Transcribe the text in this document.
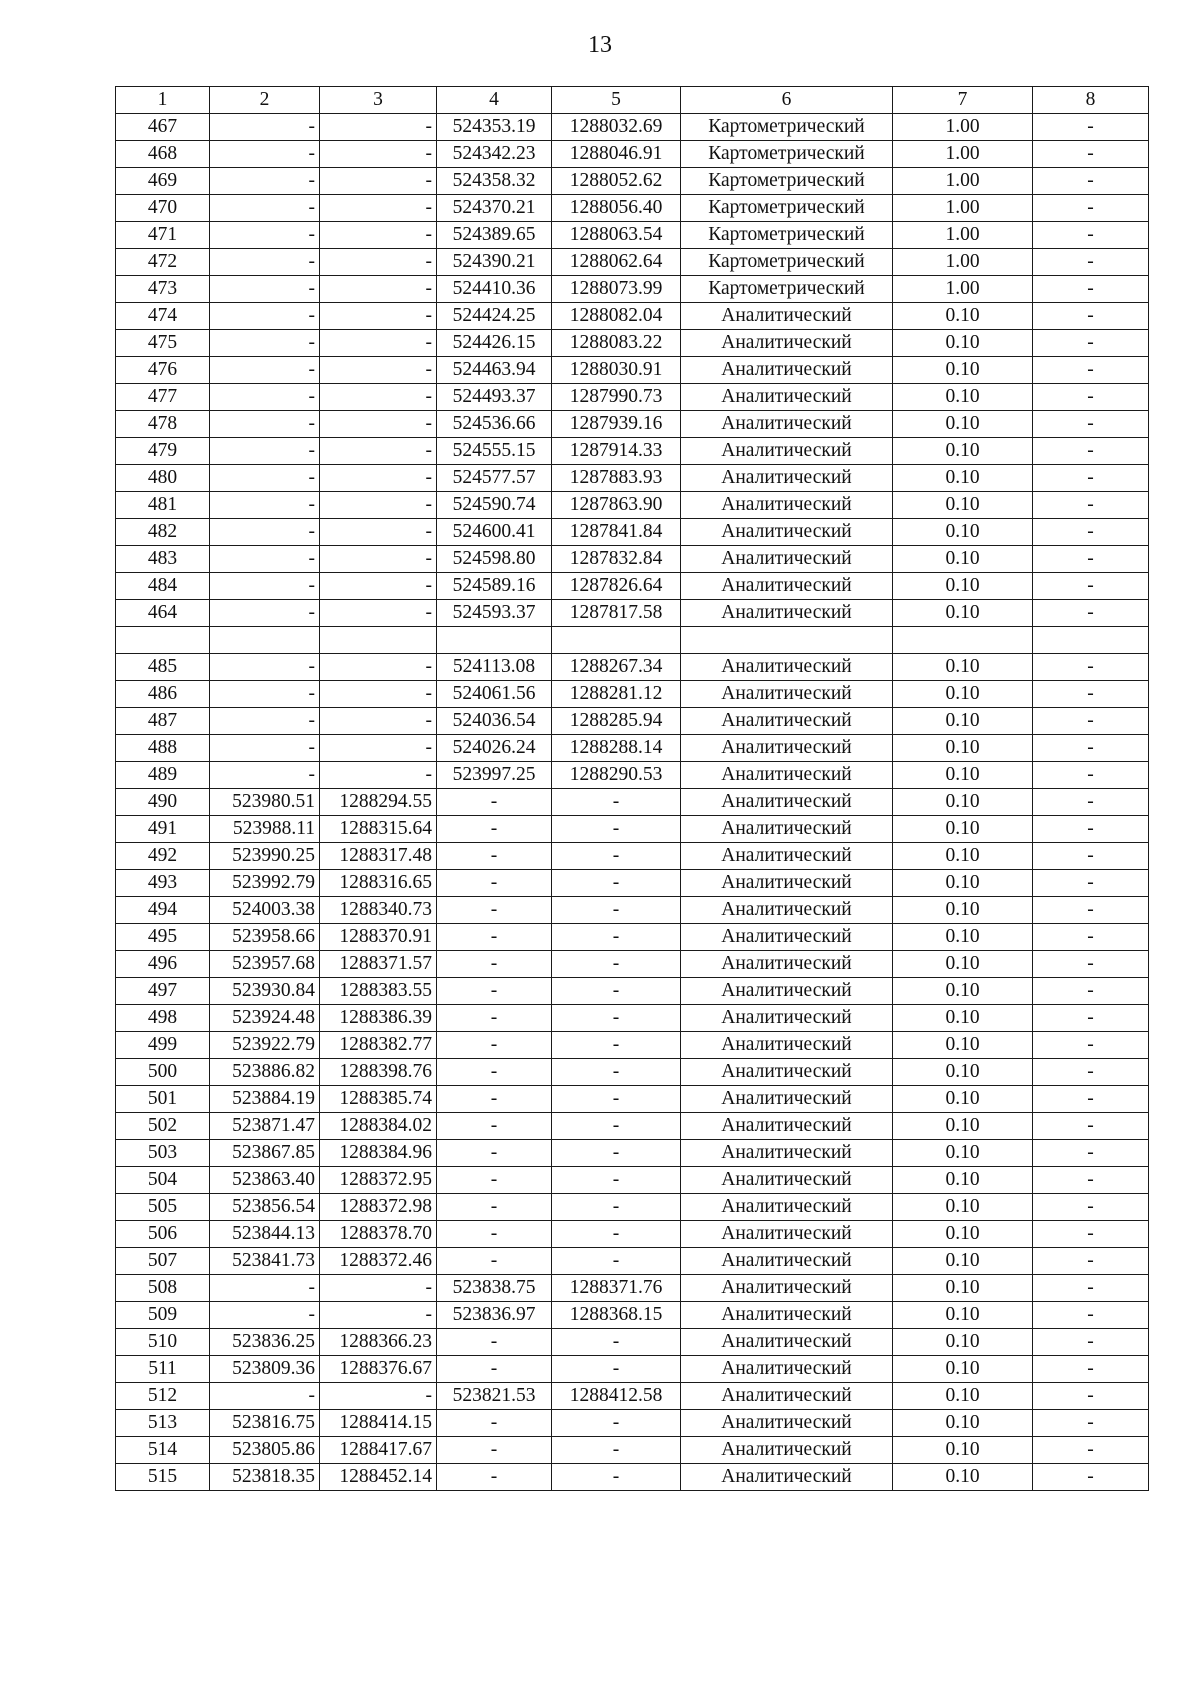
13
1	2	3	4	5	6	7	8
467	-	-	524353.19	1288032.69	Картометрический	1.00	-
468	-	-	524342.23	1288046.91	Картометрический	1.00	-
469	-	-	524358.32	1288052.62	Картометрический	1.00	-
470	-	-	524370.21	1288056.40	Картометрический	1.00	-
471	-	-	524389.65	1288063.54	Картометрический	1.00	-
472	-	-	524390.21	1288062.64	Картометрический	1.00	-
473	-	-	524410.36	1288073.99	Картометрический	1.00	-
474	-	-	524424.25	1288082.04	Аналитический	0.10	-
475	-	-	524426.15	1288083.22	Аналитический	0.10	-
476	-	-	524463.94	1288030.91	Аналитический	0.10	-
477	-	-	524493.37	1287990.73	Аналитический	0.10	-
478	-	-	524536.66	1287939.16	Аналитический	0.10	-
479	-	-	524555.15	1287914.33	Аналитический	0.10	-
480	-	-	524577.57	1287883.93	Аналитический	0.10	-
481	-	-	524590.74	1287863.90	Аналитический	0.10	-
482	-	-	524600.41	1287841.84	Аналитический	0.10	-
483	-	-	524598.80	1287832.84	Аналитический	0.10	-
484	-	-	524589.16	1287826.64	Аналитический	0.10	-
464	-	-	524593.37	1287817.58	Аналитический	0.10	-

485	-	-	524113.08	1288267.34	Аналитический	0.10	-
486	-	-	524061.56	1288281.12	Аналитический	0.10	-
487	-	-	524036.54	1288285.94	Аналитический	0.10	-
488	-	-	524026.24	1288288.14	Аналитический	0.10	-
489	-	-	523997.25	1288290.53	Аналитический	0.10	-
490	523980.51	1288294.55	-	-	Аналитический	0.10	-
491	523988.11	1288315.64	-	-	Аналитический	0.10	-
492	523990.25	1288317.48	-	-	Аналитический	0.10	-
493	523992.79	1288316.65	-	-	Аналитический	0.10	-
494	524003.38	1288340.73	-	-	Аналитический	0.10	-
495	523958.66	1288370.91	-	-	Аналитический	0.10	-
496	523957.68	1288371.57	-	-	Аналитический	0.10	-
497	523930.84	1288383.55	-	-	Аналитический	0.10	-
498	523924.48	1288386.39	-	-	Аналитический	0.10	-
499	523922.79	1288382.77	-	-	Аналитический	0.10	-
500	523886.82	1288398.76	-	-	Аналитический	0.10	-
501	523884.19	1288385.74	-	-	Аналитический	0.10	-
502	523871.47	1288384.02	-	-	Аналитический	0.10	-
503	523867.85	1288384.96	-	-	Аналитический	0.10	-
504	523863.40	1288372.95	-	-	Аналитический	0.10	-
505	523856.54	1288372.98	-	-	Аналитический	0.10	-
506	523844.13	1288378.70	-	-	Аналитический	0.10	-
507	523841.73	1288372.46	-	-	Аналитический	0.10	-
508	-	-	523838.75	1288371.76	Аналитический	0.10	-
509	-	-	523836.97	1288368.15	Аналитический	0.10	-
510	523836.25	1288366.23	-	-	Аналитический	0.10	-
511	523809.36	1288376.67	-	-	Аналитический	0.10	-
512	-	-	523821.53	1288412.58	Аналитический	0.10	-
513	523816.75	1288414.15	-	-	Аналитический	0.10	-
514	523805.86	1288417.67	-	-	Аналитический	0.10	-
515	523818.35	1288452.14	-	-	Аналитический	0.10	-
